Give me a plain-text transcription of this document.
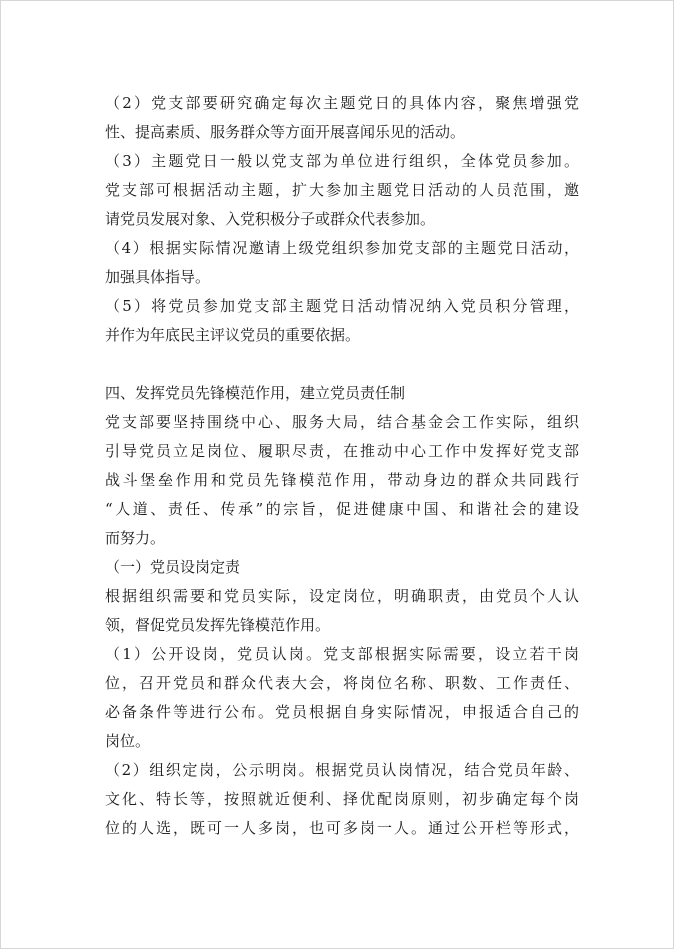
（2）党支部要研究确定每次主题党日的具体内容，聚焦增强党
性、提高素质、服务群众等方面开展喜闻乐见的活动。
（3）主题党日一般以党支部为单位进行组织，全体党员参加。
党支部可根据活动主题，扩大参加主题党日活动的人员范围，邀
请党员发展对象、入党积极分子或群众代表参加。
（4）根据实际情况邀请上级党组织参加党支部的主题党日活动，
加强具体指导。
（5）将党员参加党支部主题党日活动情况纳入党员积分管理，
并作为年底民主评议党员的重要依据。
四、发挥党员先锋模范作用，建立党员责任制
党支部要坚持围绕中心、服务大局，结合基金会工作实际，组织
引导党员立足岗位、履职尽责，在推动中心工作中发挥好党支部
战斗堡垒作用和党员先锋模范作用，带动身边的群众共同践行
“人道、责任、传承”的宗旨，促进健康中国、和谐社会的建设
而努力。
（一）党员设岗定责
根据组织需要和党员实际，设定岗位，明确职责，由党员个人认
领，督促党员发挥先锋模范作用。
（1）公开设岗，党员认岗。党支部根据实际需要，设立若干岗
位，召开党员和群众代表大会，将岗位名称、职数、工作责任、
必备条件等进行公布。党员根据自身实际情况，申报适合自己的
岗位。
（2）组织定岗，公示明岗。根据党员认岗情况，结合党员年龄、
文化、特长等，按照就近便利、择优配岗原则，初步确定每个岗
位的人选，既可一人多岗，也可多岗一人。通过公开栏等形式，
